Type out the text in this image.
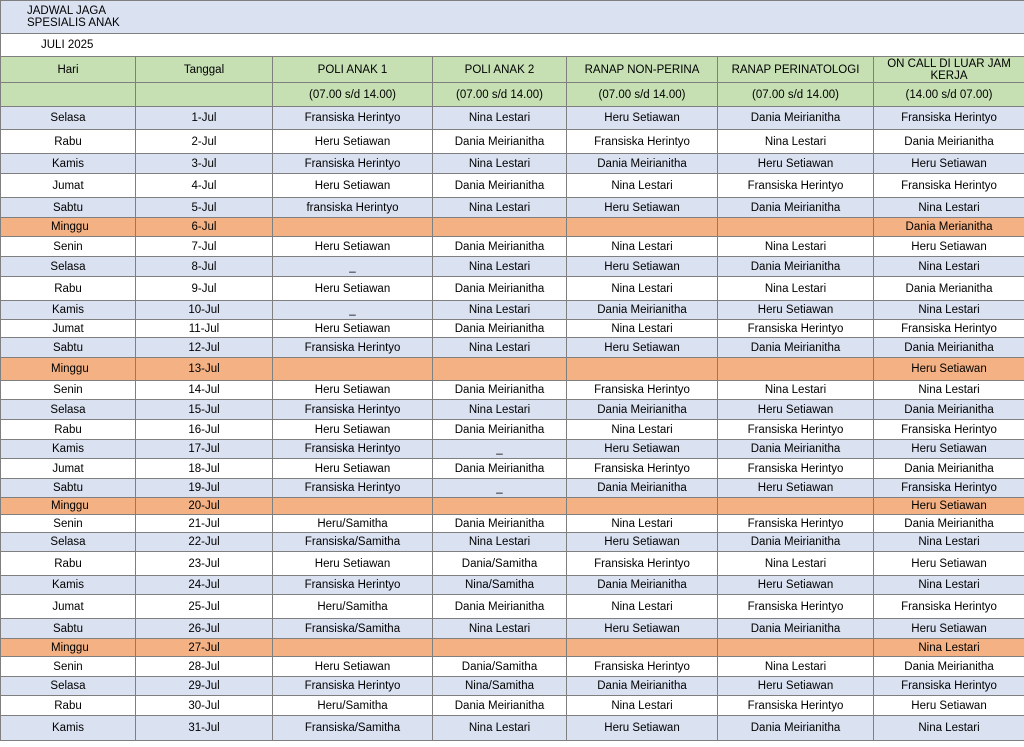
JADWAL JAGA
SPESIALIS ANAK						

JULI 2025						
Hari	Tanggal	POLI ANAK 1	POLI ANAK 2	RANAP NON-PERINA	RANAP PERINATOLOGI	ON CALL DI LUAR JAM KERJA
		(07.00 s/d 14.00)	(07.00 s/d 14.00)	(07.00 s/d 14.00)	(07.00 s/d 14.00)	(14.00 s/d 07.00)
Selasa	1-Jul	Fransiska Herintyo	Nina Lestari	Heru Setiawan	Dania Meirianitha	Fransiska Herintyo
Rabu	2-Jul	Heru Setiawan	Dania Meirianitha	Fransiska Herintyo	Nina Lestari	Dania Meirianitha
Kamis	3-Jul	Fransiska Herintyo	Nina Lestari	Dania Meirianitha	Heru Setiawan	Heru Setiawan
Jumat	4-Jul	Heru Setiawan	Dania Meirianitha	Nina Lestari	Fransiska Herintyo	Fransiska Herintyo
Sabtu	5-Jul	fransiska Herintyo	Nina Lestari	Heru Setiawan	Dania Meirianitha	Nina Lestari
Minggu	6-Jul					Dania Merianitha
Senin	7-Jul	Heru Setiawan	Dania Meirianitha	Nina Lestari	Nina Lestari	Heru Setiawan
Selasa	8-Jul	_	Nina Lestari	Heru Setiawan	Dania Meirianitha	Nina Lestari
Rabu	9-Jul	Heru Setiawan	Dania Meirianitha	Nina Lestari	Nina Lestari	Dania Merianitha
Kamis	10-Jul	_	Nina Lestari	Dania Meirianitha	Heru Setiawan	Nina Lestari
Jumat	11-Jul	Heru Setiawan	Dania Meirianitha	Nina Lestari	Fransiska Herintyo	Fransiska Herintyo
Sabtu	12-Jul	Fransiska Herintyo	Nina Lestari	Heru Setiawan	Dania Meirianitha	Dania Meirianitha
Minggu	13-Jul					Heru Setiawan
Senin	14-Jul	Heru Setiawan	Dania Meirianitha	Fransiska Herintyo	Nina Lestari	Nina Lestari
Selasa	15-Jul	Fransiska Herintyo	Nina Lestari	Dania Meirianitha	Heru Setiawan	Dania Meirianitha
Rabu	16-Jul	Heru Setiawan	Dania Meirianitha	Nina Lestari	Fransiska Herintyo	Fransiska Herintyo
Kamis	17-Jul	Fransiska Herintyo	_	Heru Setiawan	Dania Meirianitha	Heru Setiawan
Jumat	18-Jul	Heru Setiawan	Dania Meirianitha	Fransiska Herintyo	Fransiska Herintyo	Dania Meirianitha
Sabtu	19-Jul	Fransiska Herintyo	_	Dania Meirianitha	Heru Setiawan	Fransiska Herintyo
Minggu	20-Jul					Heru Setiawan
Senin	21-Jul	Heru/Samitha	Dania Meirianitha	Nina Lestari	Fransiska Herintyo	Dania Meirianitha
Selasa	22-Jul	Fransiska/Samitha	Nina Lestari	Heru Setiawan	Dania Meirianitha	Nina Lestari
Rabu	23-Jul	Heru Setiawan	Dania/Samitha	Fransiska Herintyo	Nina Lestari	Heru Setiawan
Kamis	24-Jul	Fransiska Herintyo	Nina/Samitha	Dania Meirianitha	Heru Setiawan	Nina Lestari
Jumat	25-Jul	Heru/Samitha	Dania Meirianitha	Nina Lestari	Fransiska Herintyo	Fransiska Herintyo
Sabtu	26-Jul	Fransiska/Samitha	Nina Lestari	Heru Setiawan	Dania Meirianitha	Heru Setiawan
Minggu	27-Jul					Nina Lestari
Senin	28-Jul	Heru Setiawan	Dania/Samitha	Fransiska Herintyo	Nina Lestari	Dania Meirianitha
Selasa	29-Jul	Fransiska Herintyo	Nina/Samitha	Dania Meirianitha	Heru Setiawan	Fransiska Herintyo
Rabu	30-Jul	Heru/Samitha	Dania Meirianitha	Nina Lestari	Fransiska Herintyo	Heru Setiawan
Kamis	31-Jul	Fransiska/Samitha	Nina Lestari	Heru Setiawan	Dania Meirianitha	Nina Lestari
